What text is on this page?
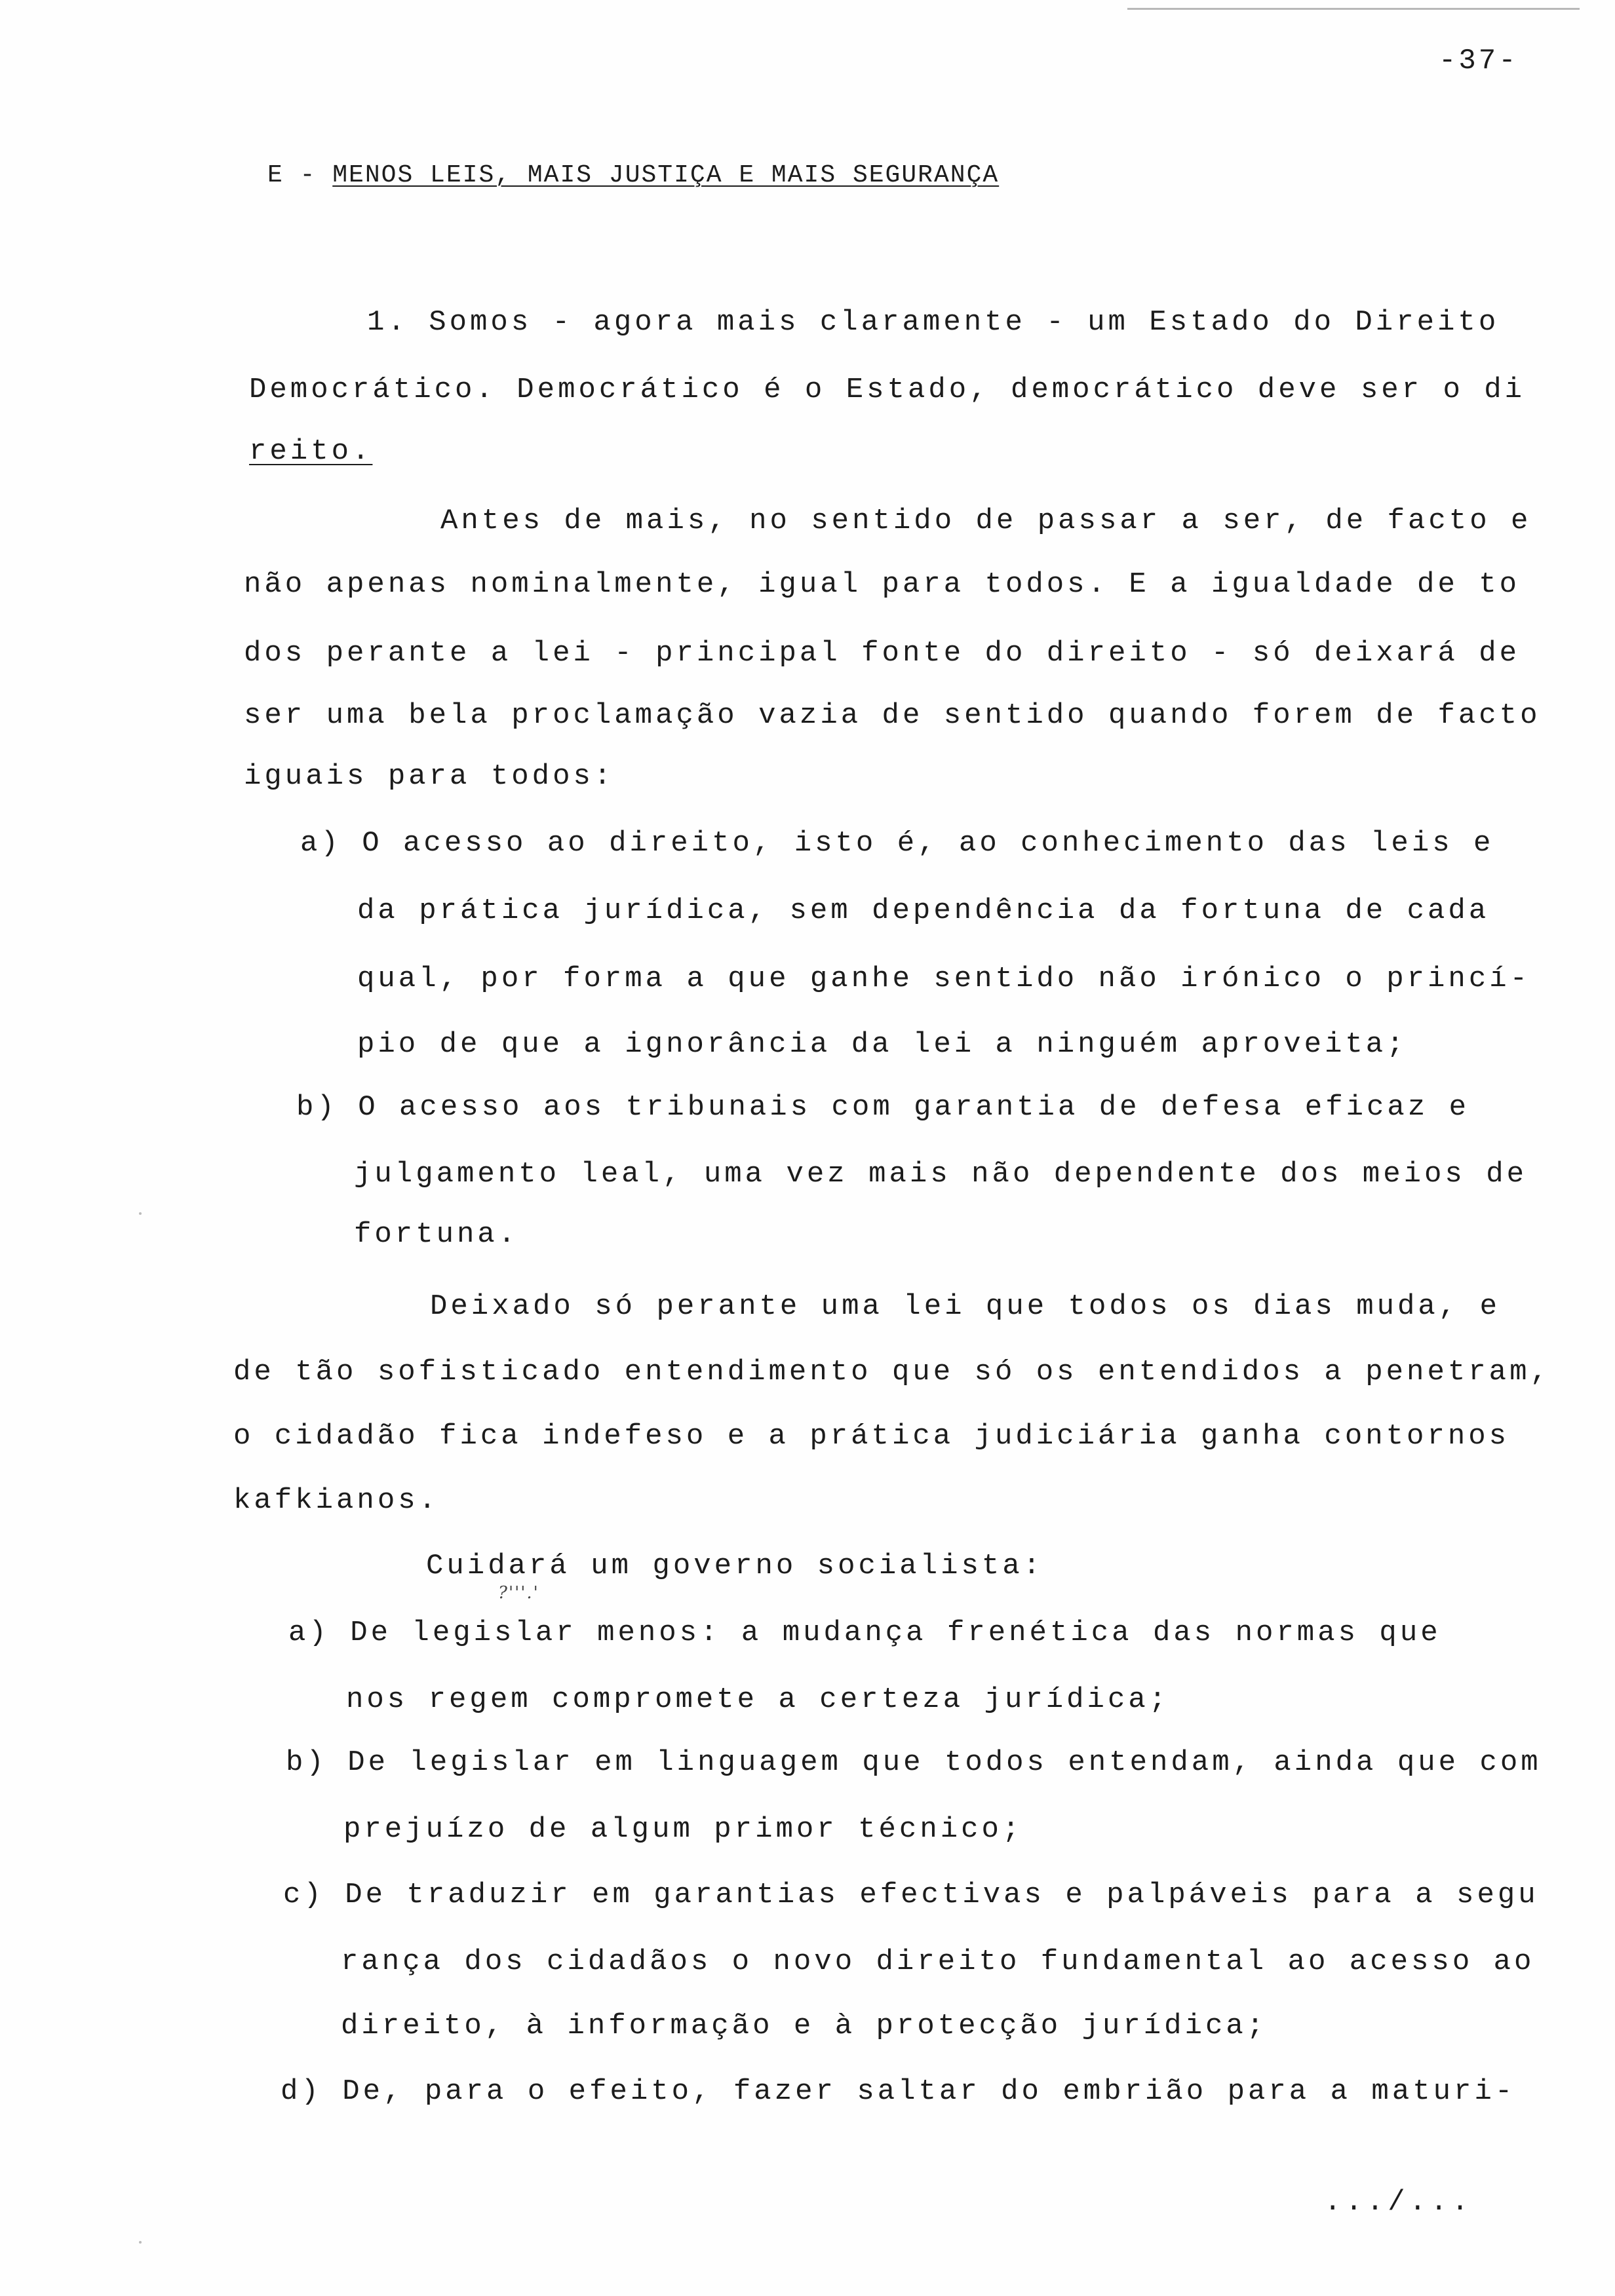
-37-
E - MENOS LEIS, MAIS JUSTIÇA E MAIS SEGURANÇA
1. Somos - agora mais claramente - um Estado do Direito
Democrático. Democrático é o Estado, democrático deve ser o di
reito.
Antes de mais, no sentido de passar a ser, de facto e
não apenas nominalmente, igual para todos. E a igualdade de to
dos perante a lei - principal fonte do direito - só deixará de
ser uma bela proclamação vazia de sentido quando forem de facto
iguais para todos:
a) O acesso ao direito, isto é, ao conhecimento das leis e
da prática jurídica, sem dependência da fortuna de cada
qual, por forma a que ganhe sentido não irónico o princí-
pio de que a ignorância da lei a ninguém aproveita;
b) O acesso aos tribunais com garantia de defesa eficaz e
julgamento leal, uma vez mais não dependente dos meios de
fortuna.
Deixado só perante uma lei que todos os dias muda, e
de tão sofisticado entendimento que só os entendidos a penetram,
o cidadão fica indefeso e a prática judiciária ganha contornos
kafkianos.
Cuidará um governo socialista:
?'''.'
a) De legislar menos: a mudança frenética das normas que
nos regem compromete a certeza jurídica;
b) De legislar em linguagem que todos entendam, ainda que com
prejuízo de algum primor técnico;
c) De traduzir em garantias efectivas e palpáveis para a segu
rança dos cidadãos o novo direito fundamental ao acesso ao
direito, à informação e à protecção jurídica;
d) De, para o efeito, fazer saltar do embrião para a maturi-
.../...
